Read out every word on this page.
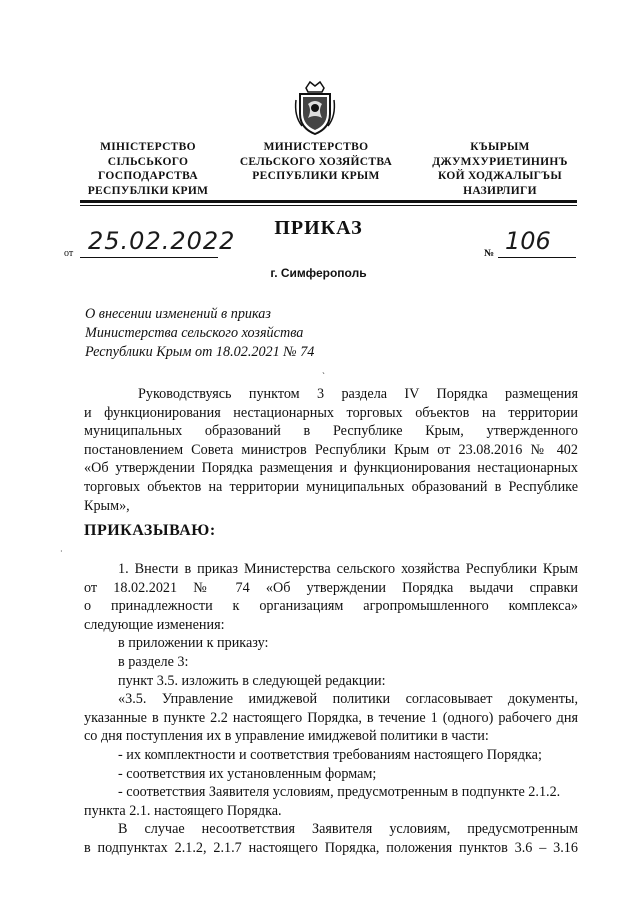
МІНІСТЕРСТВО
СІЛЬСЬКОГО
ГОСПОДАРСТВА
РЕСПУБЛІКИ КРИМ
МИНИСТЕРСТВО
СЕЛЬСКОГО ХОЗЯЙСТВА
РЕСПУБЛИКИ КРЫМ
КЪЫРЫМ
ДЖУМХУРИЕТИНИНЪ
КОЙ ХОДЖАЛЫГЪЫ
НАЗИРЛИГИ
ПРИКАЗ
от 25.02.2022	№ 106
г. Симферополь
О внесении изменений в приказ
Министерства сельского хозяйства
Республики Крым от 18.02.2021 № 74
`
Руководствуясь пунктом 3 раздела IV Порядка размещения
и функционирования нестационарных торговых объектов на территории
муниципальных образований в Республике Крым, утвержденного
постановлением Совета министров Республики Крым от 23.08.2016 № 402
«Об утверждении Порядка размещения и функционирования нестационарных
торговых объектов на территории муниципальных образований в Республике
Крым»,
ПРИКАЗЫВАЮ:
·
1. Внести в приказ Министерства сельского хозяйства Республики Крым
от 18.02.2021 № 74 «Об утверждении Порядка выдачи справки
о принадлежности к организациям агропромышленного комплекса»
следующие изменения:
в приложении к приказу:
в разделе 3:
пункт 3.5. изложить в следующей редакции:
«3.5. Управление имиджевой политики согласовывает документы,
указанные в пункте 2.2 настоящего Порядка, в течение 1 (одного) рабочего дня
со дня поступления их в управление имиджевой политики в части:
- их комплектности и соответствия требованиям настоящего Порядка;
- соответствия их установленным формам;
- соответствия Заявителя условиям, предусмотренным в подпункте 2.1.2.
пункта 2.1. настоящего Порядка.
В случае несоответствия Заявителя условиям, предусмотренным
в подпунктах 2.1.2, 2.1.7 настоящего Порядка, положения пунктов 3.6 – 3.16
